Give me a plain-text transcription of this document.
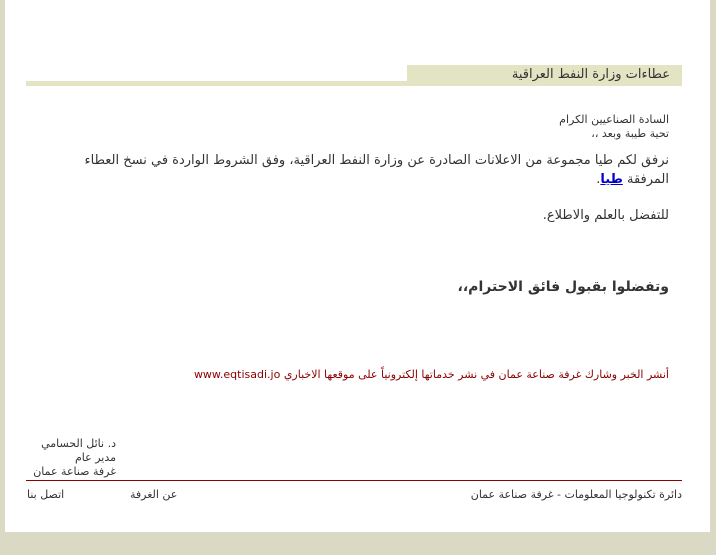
عطاءات وزارة النفط العراقية
السادة الصناعيين الكرام
تحية طيبة وبعد ،،
نرفق لكم طيا مجموعة من الاعلانات الصادرة عن وزارة النفط العراقية، وفق الشروط الواردة في نسخ العطاء المرفقة طيا.
للتفضل بالعلم والاطلاع.
وتفضلوا بقبول فائق الاحترام،،
أنشر الخبر وشارك غرفة صناعة عمان في نشر خدماتها إلكترونياً على موقعها الاخباري www.eqtisadi.jo
د. نائل الحسامي
مدير عام
غرفة صناعة عمان
دائرة تكنولوجيا المعلومات - غرفة صناعة عمان
عن الغرفة
اتصل بنا
